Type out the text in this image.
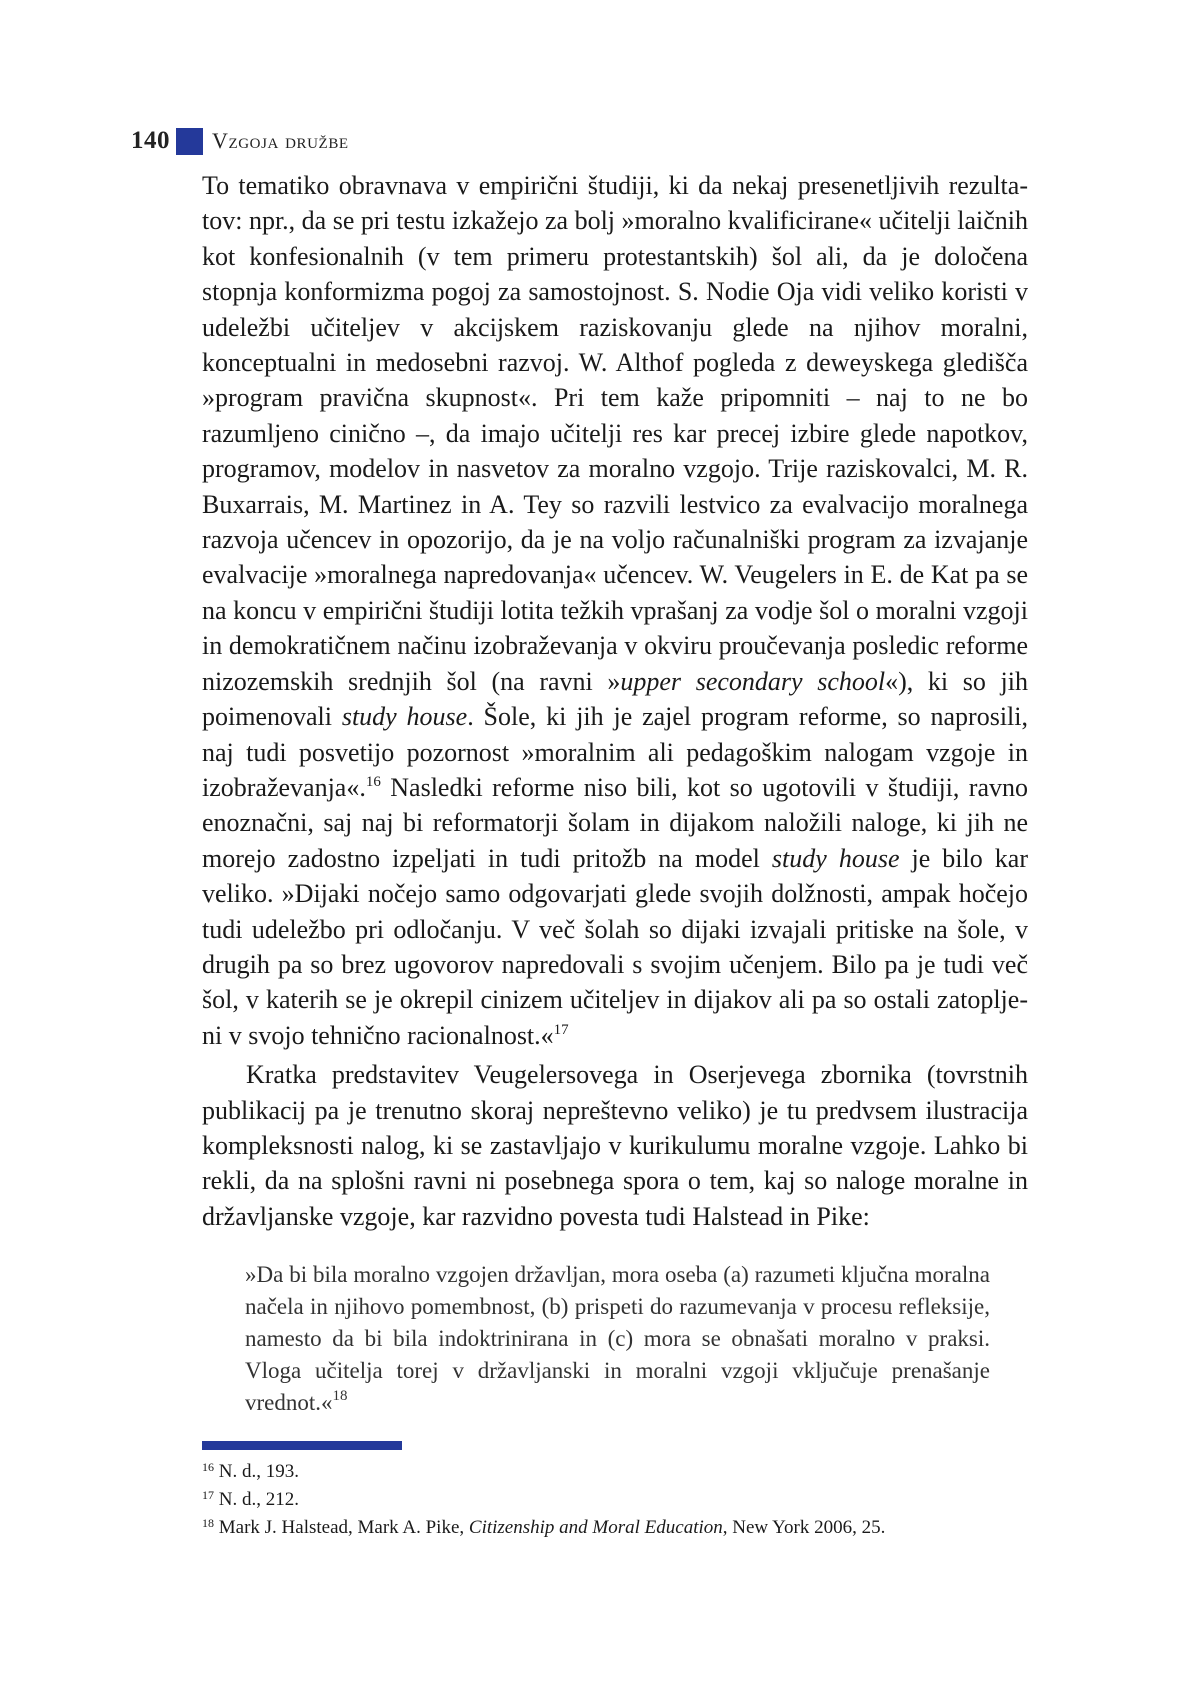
140 Vzgoja družbe

To tematiko obravnava v empirični študiji, ki da nekaj presenetljivih rezultatov: npr., da se pri testu izkažejo za bolj »moralno kvalificirane« učitelji laičnih kot konfesionalnih (v tem primeru protestantskih) šol ali, da je določena stopnja konformizma pogoj za samostojnost. S. Nodie Oja vidi veliko koristi v udeležbi učiteljev v akcijskem raziskovanju glede na njihov moralni, konceptualni in medosebni razvoj. W. Althof pogleda z deweyskega gledišča »program pravična skupnost«. Pri tem kaže pripomniti – naj to ne bo razumljeno cinično –, da imajo učitelji res kar precej izbire glede napotkov, programov, modelov in nasvetov za moralno vzgojo. Trije raziskovalci, M. R. Buxarrais, M. Martinez in A. Tey so razvili lestvico za evalvacijo moralnega razvoja učencev in opozorijo, da je na voljo računalniški program za izvajanje evalvacije »moralnega napredovanja« učencev. W. Veugelers in E. de Kat pa se na koncu v empirični študiji lotita težkih vprašanj za vodje šol o moralni vzgoji in demokratičnem načinu izobraževanja v okviru proučevanja posledic reforme nizozemskih srednjih šol (na ravni »upper secondary school«), ki so jih poimenovali study house. Šole, ki jih je zajel program reforme, so naprosili, naj tudi posvetijo pozornost »moralnim ali pedagoškim nalogam vzgoje in izobraževanja«.$^{16}$ Nasledki reforme niso bili, kot so ugotovili v študiji, ravno enoznačni, saj naj bi reformatorji šolam in dijakom naložili naloge, ki jih ne morejo zadostno izpeljati in tudi pritožb na model study house je bilo kar veliko. »Dijaki nočejo samo odgovarjati glede svojih dolžnosti, ampak hočejo tudi udeležbo pri odločanju. V več šolah so dijaki izvajali pritiske na šole, v drugih pa so brez ugovorov napredovali s svojim učenjem. Bilo pa je tudi več šol, v katerih se je okrepil cinizem učiteljev in dijakov ali pa so ostali zatopljeni v svojo tehnično racionalnost.«$^{17}$

Kratka predstavitev Veugelersovega in Oserjevega zbornika (tovrstnih publikacij pa je trenutno skoraj nepreštevno veliko) je tu predvsem ilustracija kompleksnosti nalog, ki se zastavljajo v kurikulumu moralne vzgoje. Lahko bi rekli, da na splošni ravni ni posebnega spora o tem, kaj so naloge moralne in državljanske vzgoje, kar razvidno povesta tudi Halstead in Pike:

»Da bi bila moralno vzgojen državljan, mora oseba (a) razumeti ključna moralna načela in njihovo pomembnost, (b) prispeti do razumevanja v procesu refleksije, namesto da bi bila indoktrinirana in (c) mora se obnašati moralno v praksi. Vloga učitelja torej v državljanski in moralni vzgoji vključuje prenašanje vrednot.«$^{18}$
$^{16}$ N. d., 193.
$^{17}$ N. d., 212.
$^{18}$ Mark J. Halstead, Mark A. Pike, Citizenship and Moral Education, New York 2006, 25.
